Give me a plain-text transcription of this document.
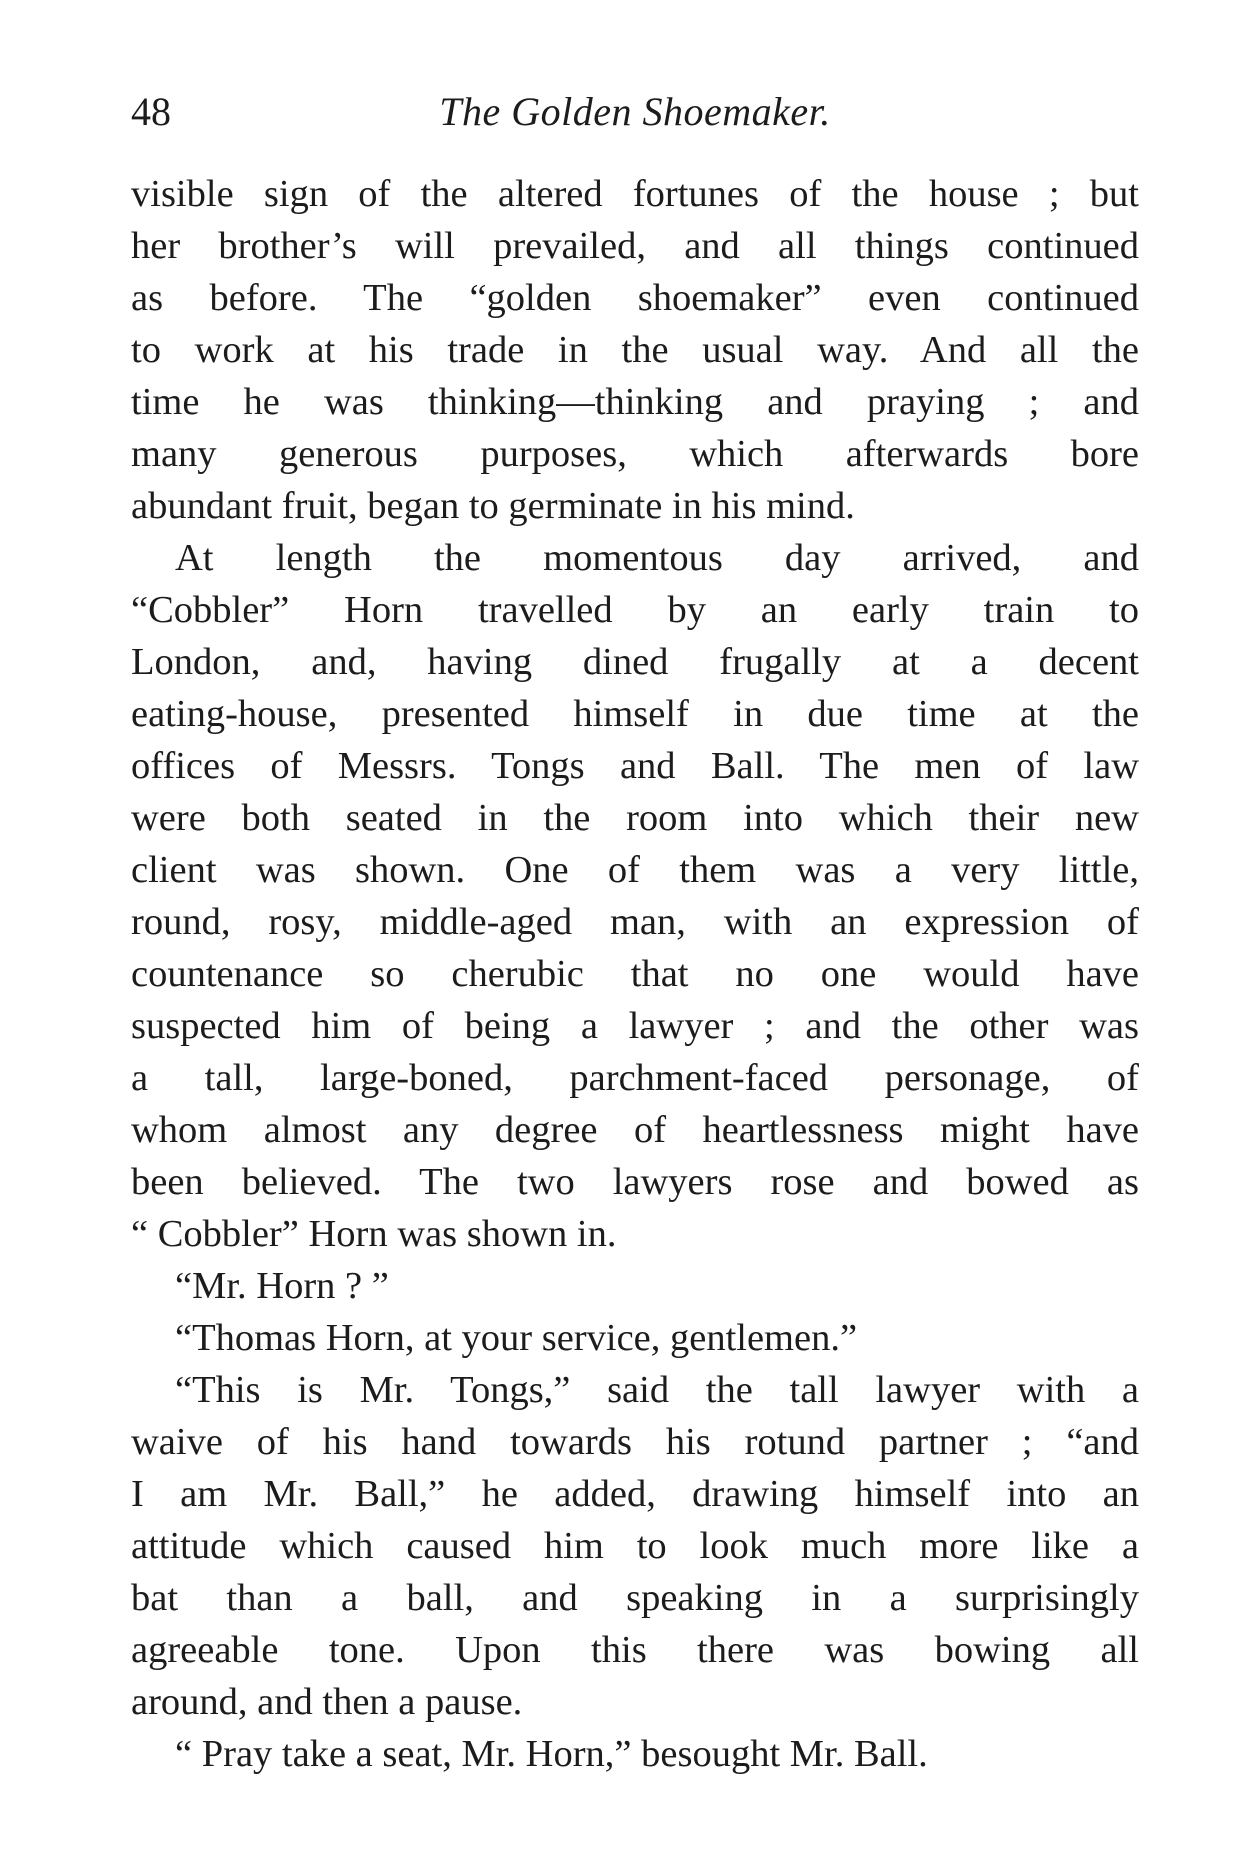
48	The Golden Shoemaker.
visible sign of the altered fortunes of the house ; but
her brother’s will prevailed, and all things continued
as before. The “golden shoemaker” even continued
to work at his trade in the usual way. And all the
time he was thinking—thinking and praying ; and
many generous purposes, which afterwards bore
abundant fruit, began to germinate in his mind.
At length the momentous day arrived, and
“Cobbler” Horn travelled by an early train to
London, and, having dined frugally at a decent
eating-house, presented himself in due time at the
offices of Messrs. Tongs and Ball. The men of law
were both seated in the room into which their new
client was shown. One of them was a very little,
round, rosy, middle-aged man, with an expression of
countenance so cherubic that no one would have
suspected him of being a lawyer ; and the other was
a tall, large-boned, parchment-faced personage, of
whom almost any degree of heartlessness might have
been believed. The two lawyers rose and bowed as
“ Cobbler” Horn was shown in.
“Mr. Horn ? ”
“Thomas Horn, at your service, gentlemen.”
“This is Mr. Tongs,” said the tall lawyer with a
waive of his hand towards his rotund partner ; “and
I am Mr. Ball,” he added, drawing himself into an
attitude which caused him to look much more like a
bat than a ball, and speaking in a surprisingly
agreeable tone. Upon this there was bowing all
around, and then a pause.
“ Pray take a seat, Mr. Horn,” besought Mr. Ball.
